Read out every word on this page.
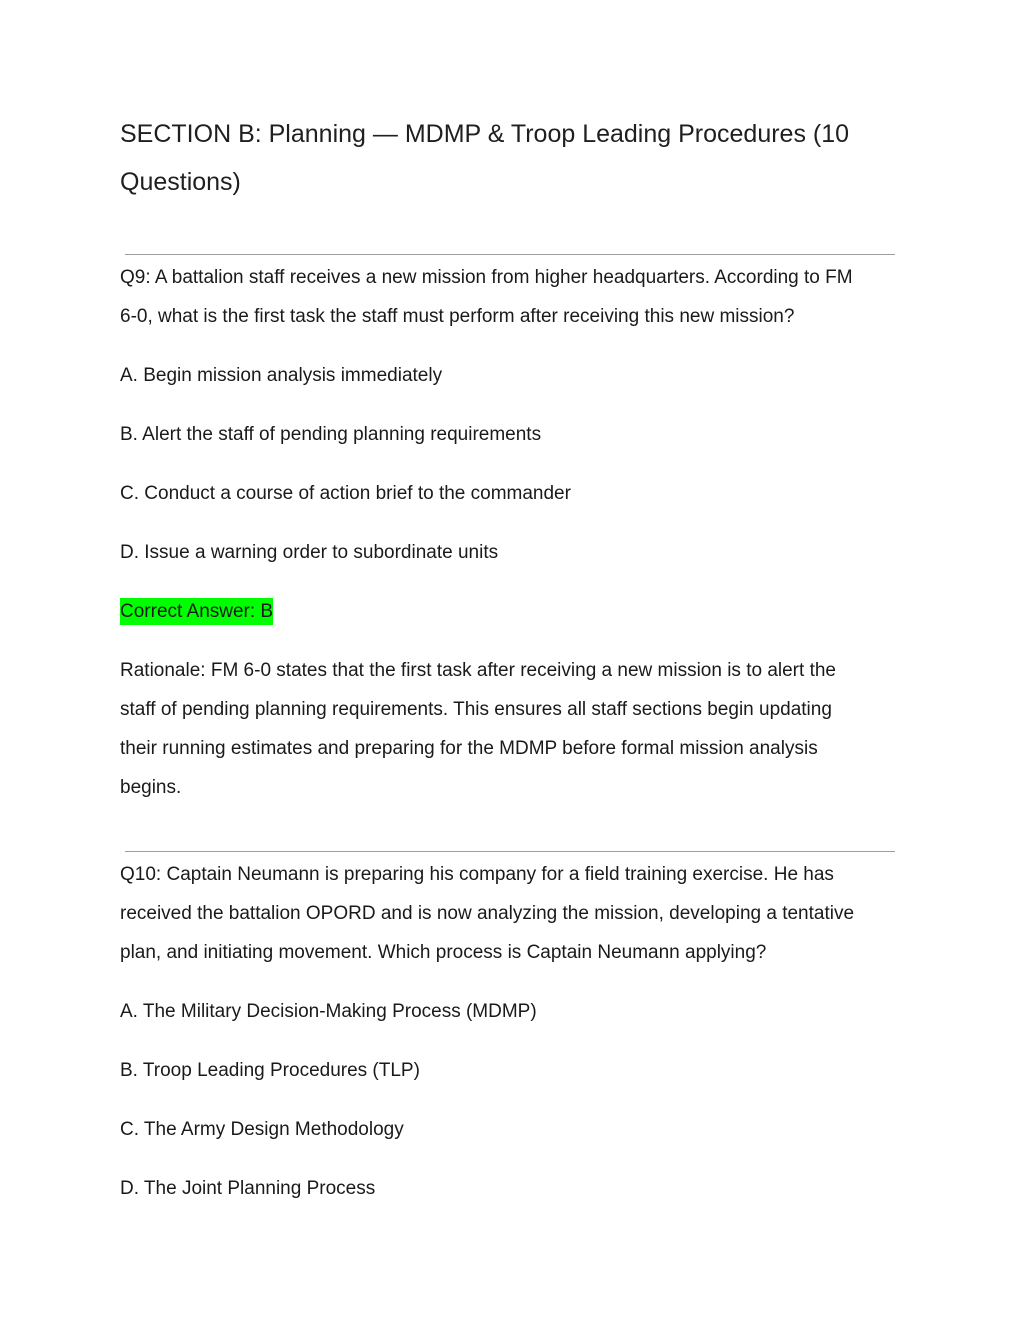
SECTION B: Planning — MDMP & Troop Leading Procedures (10
Questions)

Q9: A battalion staff receives a new mission from higher headquarters. According to FM
6-0, what is the first task the staff must perform after receiving this new mission?

A. Begin mission analysis immediately

B. Alert the staff of pending planning requirements

C. Conduct a course of action brief to the commander

D. Issue a warning order to subordinate units

Correct Answer: B

Rationale: FM 6-0 states that the first task after receiving a new mission is to alert the
staff of pending planning requirements. This ensures all staff sections begin updating
their running estimates and preparing for the MDMP before formal mission analysis
begins.

Q10: Captain Neumann is preparing his company for a field training exercise. He has
received the battalion OPORD and is now analyzing the mission, developing a tentative
plan, and initiating movement. Which process is Captain Neumann applying?

A. The Military Decision-Making Process (MDMP)

B. Troop Leading Procedures (TLP)

C. The Army Design Methodology

D. The Joint Planning Process
